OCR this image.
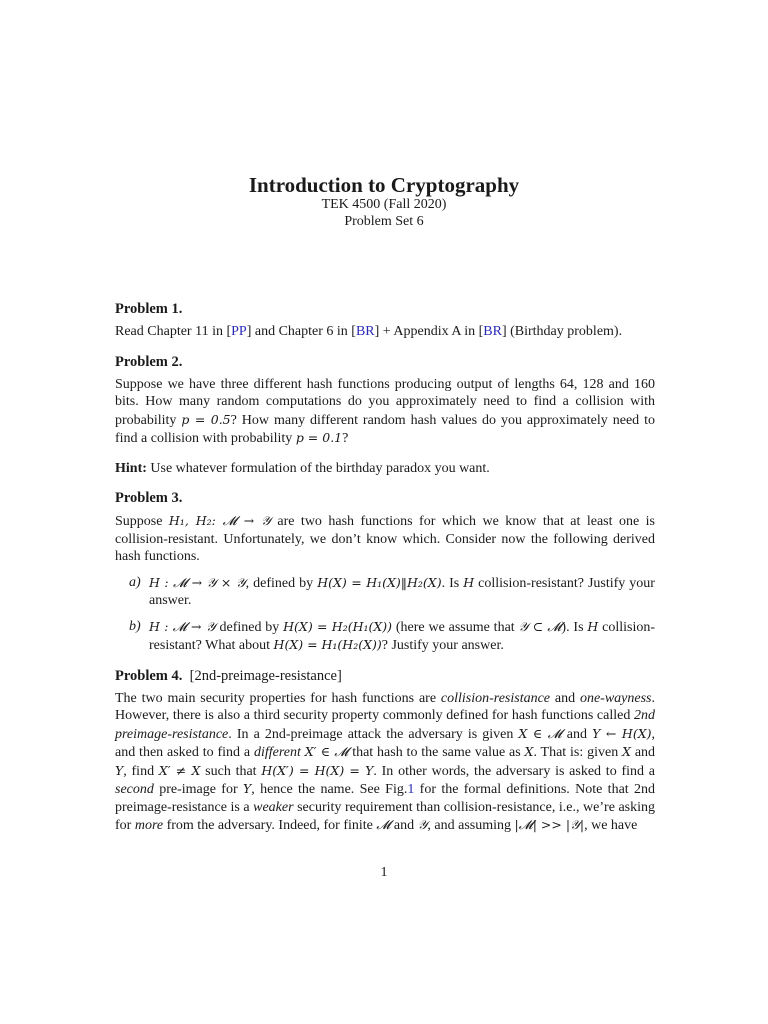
Introduction to Cryptography
TEK 4500 (Fall 2020)
Problem Set 6
Problem 1.

Read Chapter 11 in [PP] and Chapter 6 in [BR] + Appendix A in [BR] (Birthday problem).

Problem 2.

Suppose we have three different hash functions producing output of lengths 64, 128 and 160 bits. How many random computations do you approximately need to find a collision with probability p = 0.5? How many different random hash values do you approximately need to find a collision with probability p = 0.1?

Hint: Use whatever formulation of the birthday paradox you want.

Problem 3.

Suppose H₁, H₂: 𝓜 → 𝒴 are two hash functions for which we know that at least one is collision-resistant. Unfortunately, we don’t know which. Consider now the following derived hash functions.

a) H : 𝓜 → 𝒴 × 𝒴, defined by H(X) = H₁(X)‖H₂(X). Is H collision-resistant? Justify your answer.
b) H : 𝓜 → 𝒴 defined by H(X) = H₂(H₁(X)) (here we assume that 𝒴 ⊂ 𝓜). Is H collision-resistant? What about H(X) = H₁(H₂(X))? Justify your answer.
Problem 4. [2nd-preimage-resistance]

The two main security properties for hash functions are collision-resistance and one-wayness. However, there is also a third security property commonly defined for hash functions called 2nd preimage-resistance. In a 2nd-preimage attack the adversary is given X ∈ 𝓜 and Y ← H(X), and then asked to find a different X′ ∈ 𝓜 that hash to the same value as X. That is: given X and Y, find X′ ≠ X such that H(X′) = H(X) = Y. In other words, the adversary is asked to find a second pre-image for Y, hence the name. See Fig.1 for the formal definitions. Note that 2nd preimage-resistance is a weaker security requirement than collision-resistance, i.e., we’re asking for more from the adversary. Indeed, for finite 𝓜 and 𝒴, and assuming |𝓜| >> |𝒴|, we have

1
